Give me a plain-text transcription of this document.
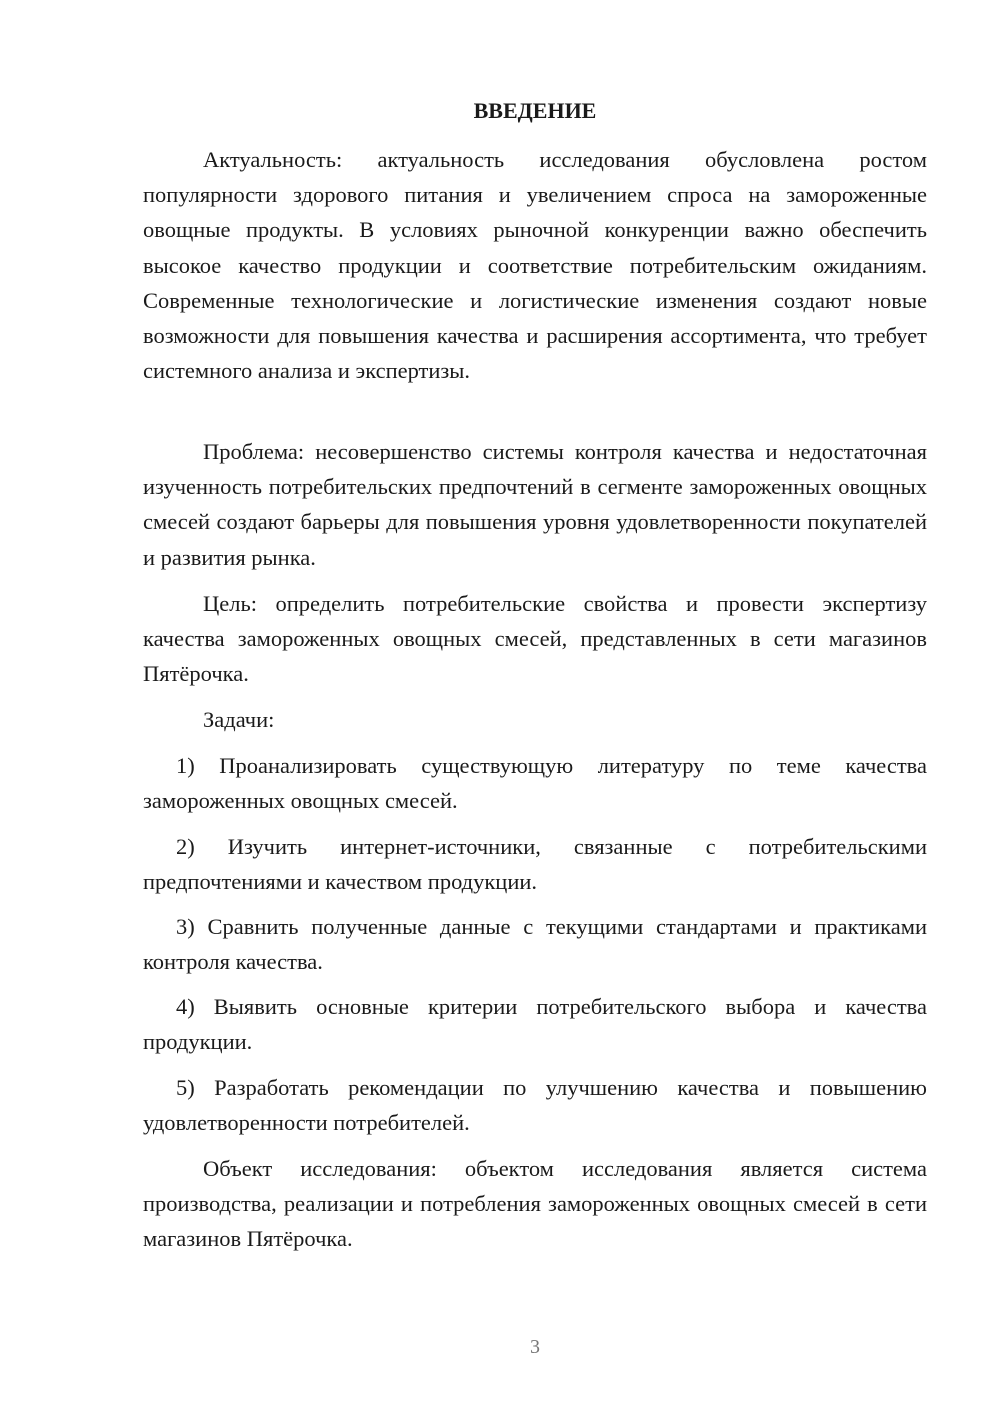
ВВЕДЕНИЕ

Актуальность: актуальность исследования обусловлена ростом популярности здорового питания и увеличением спроса на замороженные овощные продукты. В условиях рыночной конкуренции важно обеспечить высокое качество продукции и соответствие потребительским ожиданиям. Современные технологические и логистические изменения создают новые возможности для повышения качества и расширения ассортимента, что требует системного анализа и экспертизы.

Проблема: несовершенство системы контроля качества и недостаточная изученность потребительских предпочтений в сегменте замороженных овощных смесей создают барьеры для повышения уровня удовлетворенности покупателей и развития рынка.

Цель: определить потребительские свойства и провести экспертизу качества замороженных овощных смесей, представленных в сети магазинов Пятёрочка.

Задачи:

1) Проанализировать существующую литературу по теме качества замороженных овощных смесей.

2) Изучить интернет-источники, связанные с потребительскими предпочтениями и качеством продукции.

3) Сравнить полученные данные с текущими стандартами и практиками контроля качества.

4) Выявить основные критерии потребительского выбора и качества продукции.

5) Разработать рекомендации по улучшению качества и повышению удовлетворенности потребителей.

Объект исследования: объектом исследования является система производства, реализации и потребления замороженных овощных смесей в сети магазинов Пятёрочка.

3
